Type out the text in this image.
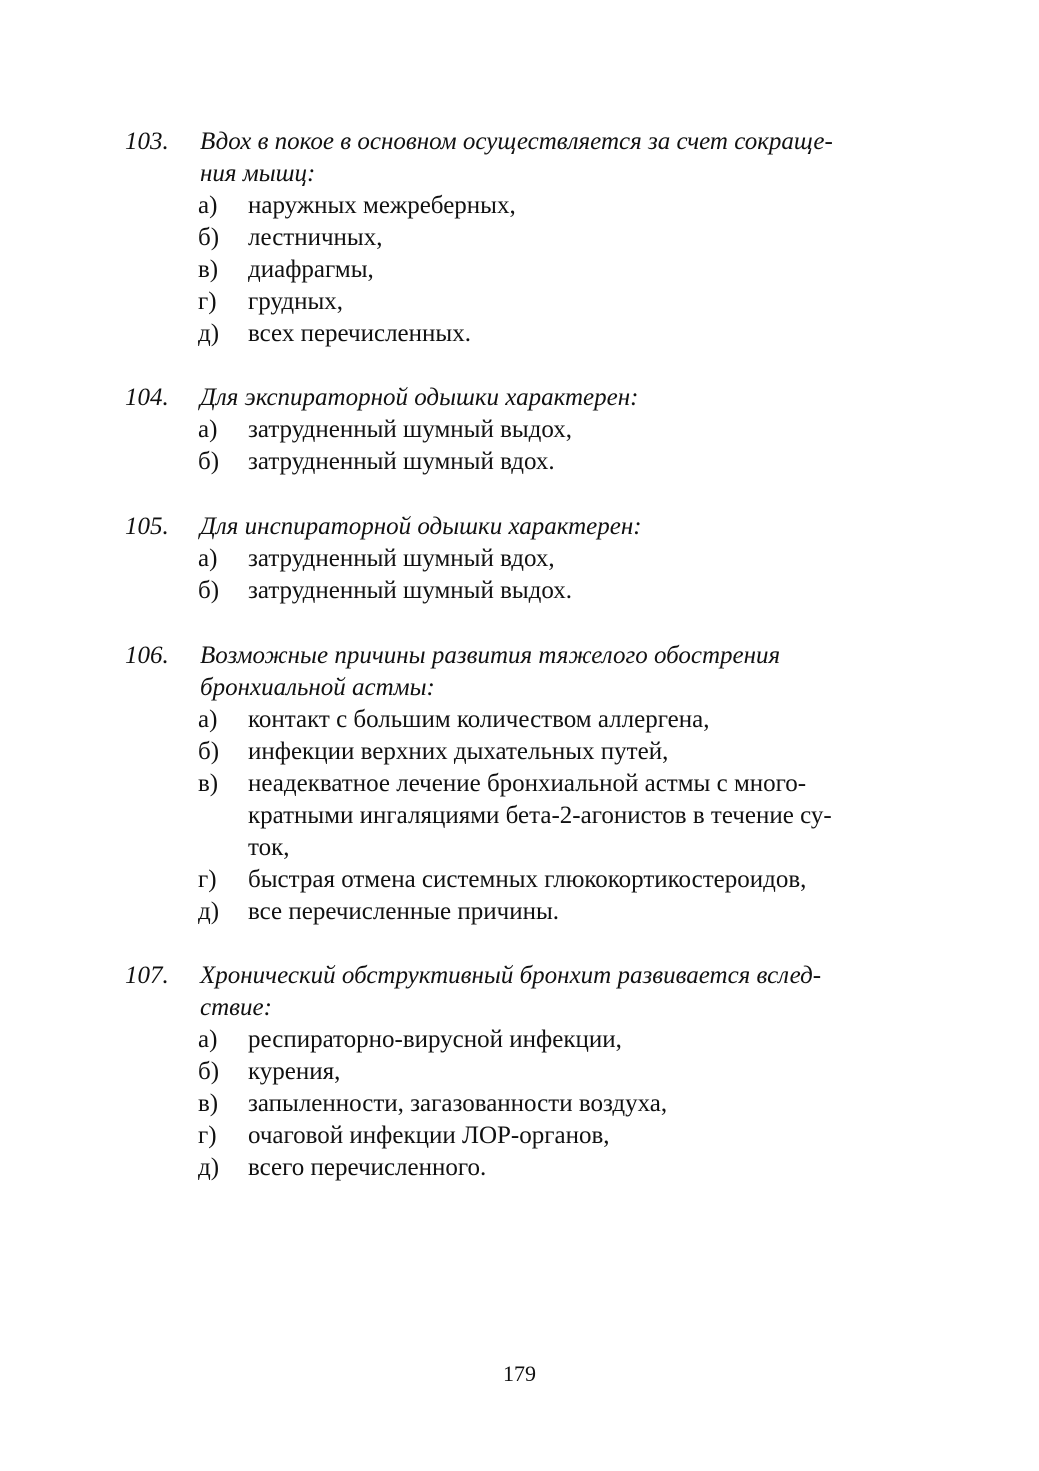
103. Вдох в покое в основном осуществляется за счет сокраще-
ния мышц:
а) наружных межреберных,
б) лестничных,
в) диафрагмы,
г) грудных,
д) всех перечисленных.
104. Для экспираторной одышки характерен:
а) затрудненный шумный выдох,
б) затрудненный шумный вдох.
105. Для инспираторной одышки характерен:
а) затрудненный шумный вдох,
б) затрудненный шумный выдох.
106. Возможные причины развития тяжелого обострения
бронхиальной астмы:
а) контакт с большим количеством аллергена,
б) инфекции верхних дыхательных путей,
в) неадекватное лечение бронхиальной астмы с много-
кратными ингаляциями бета-2-агонистов в течение су-
ток,
г) быстрая отмена системных глюкокортикостероидов,
д) все перечисленные причины.
107. Хронический обструктивный бронхит развивается вслед-
ствие:
а) респираторно-вирусной инфекции,
б) курения,
в) запыленности, загазованности воздуха,
г) очаговой инфекции ЛОР-органов,
д) всего перечисленного.
179
